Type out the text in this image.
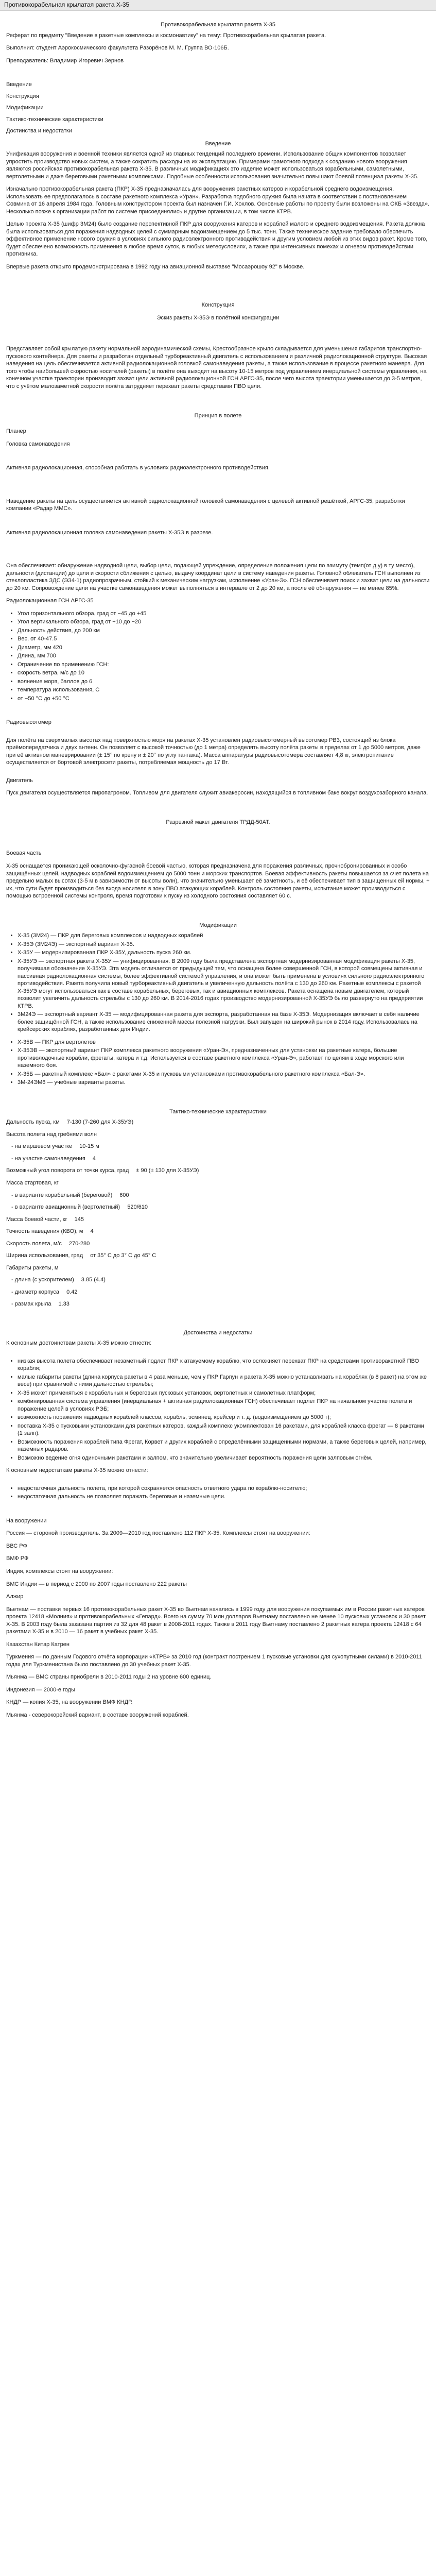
Противокорабельная крылатая ракета Х-35
Противокорабельная крылатая ракета Х-35

Реферат по предмету "Введение в ракетные комплексы и космонавтику" на тему: Противокорабельная крылатая ракета.

Выполнил: студент Аэрокосмического факультета Разорёнов М. М. Группа ВО-106Б.

Преподаватель: Владимир Игоревич Зернов

Введение
Конструкция
Модификации
Тактико-технические характеристики
Достинства и недостатки
Введение

Унификация вооружения и военной техники является одной из главных тенденций последнего времени. Использование общих компонентов позволяет упростить производство новых систем, а также сократить расходы на их эксплуатацию. Примерами грамотного подхода к созданию нового вооружения являются российская противокорабельная ракета Х-35. В различных модификациях это изделие может использоваться корабельными, самолетными, вертолетными и даже береговыми ракетными комплексами. Подобные особенности использования значительно повышают боевой потенциал ракеты Х-35.

Изначально противокорабельная ракета (ПКР) Х-35 предназначалась для вооружения ракетных катеров и корабельной среднего водоизмещения. Использовать ее предполагалось в составе ракетного комплекса «Уран». Разработка подобного оружия была начата в соответствии с постановлением Совмина от 16 апреля 1984 года. Головным конструктором проекта был назначен Г.И. Хохлов. Основные работы по проекту были возложены на ОКБ «Звезда». Несколько позже к организации работ по системе присоединялись и другие организации, в том числе КТРВ.

Целью проекта Х-35 (шифр 3М24) было создание перспективной ПКР для вооружения катеров и кораблей малого и среднего водоизмещения. Ракета должна была использоваться для поражения надводных целей с суммарным водоизмещением до 5 тыс. тонн. Также техническое задание требовало обеспечить эффективное применение нового оружия в условиях сильного радиоэлектронного противодействия и другим условием любой из этих видов ракет. Кроме того, будет обеспечено возможность применения в любое время суток, в любых метеоусловиях, а также при интенсивных помехах и огневом противодействии противника.

Впервые ракета открыто продемонстрирована в 1992 году на авиационной выставке "Мосаэрошоу 92" в Москве.

Конструкция
Эскиз ракеты Х-35Э в полётной конфигурации

Представляет собой крылатую ракету нормальной аэродинамической схемы, Крестообразное крыло складывается для уменьшения габаритов транспортно-пускового контейнера. Для ракеты и разработан отдельный турбореактивный двигатель с использованием и различной радиолокационной структуре. Высокая наведения на цель обеспечивается активной радиолокационной головкой самонаведения ракеты, а также использование в процессе ракетного маневра. Для того чтобы наибольшей скоростью носителей (ракеты) в полёте она выходит на высоту 10-15 метров под управлением инерциальной системы управления, на конечном участке траектории производит захват цели активной радиолокационной ГСН АРГС-35, после чего высота траектории уменьшается до 3-5 метров, что с учётом малозаметной скорости полёта затрудняет перехват ракеты средствами ПВО цели.

Принцип в полете

Планер

Головка самонаведения

Активная радиолокационная, способная работать в условиях радиоэлектронного противодействия.

Наведение ракеты на цель осуществляется активной радиолокационной головкой самонаведения с целевой активной решёткой, АРГС-35, разработки компании «Радар ММС».

Активная радиолокационная головка самонаведения ракеты Х-35Э в разрезе.

Она обеспечивает: обнаружение надводной цели, выбор цели, подающей упреждение, определение положения цели по азимуту (темп(от д у) в ту место), дальности (дистанции) до цели и скорости сближения с целью, выдачу координат цели в систему наведения ракеты. Головной облекатель ГСН выполнен из стеклопластика ЗДС (ЭЗ4-1) радиопрозрачным, стойкий к механическим нагрузкам, исполнение «Уран-Э». ГСН обеспечивает поиск и захват цели на дальности до 20 км. Сопровождение цели на участке самонаведения может выполняться в интервале от 2 до 20 км, а после её обнаружения — не менее 85%.

Радиолокационная ГСН АРГС-35

• Угол горизонтального обзора, град от −45 до +45
• Угол вертикального обзора, град от +10 до −20
• Дальность действия, до 200 км
• Вес, от 40-47.5
• Диаметр, мм 420
• Длина, мм 700
• Ограничение по применению ГСН:
• скорость ветра, м/с до 10
• волнение моря, баллов до 6
• температура использования, С
• от −50 °С до +50 °С

Радиовысотомер

Для полёта на сверхмалых высотах над поверхностью моря на ракетах Х-35 установлен радиовысотомерный высотомер РВ3, состоящий из блока приёмопередатчика и двух антенн. Он позволяет с высокой точностью (до 1 метра) определять высоту полёта ракеты в пределах от 1 до 5000 метров, даже при её активном маневрировании (± 15° по крену и ± 20° по углу тангажа). Масса аппаратуры радиовысотомера составляет 4,8 кг, электропитание осуществляется от бортовой электросети ракеты, потребляемая мощность до 17 Вт.

Двигатель

Пуск двигателя осуществляется пиропатроном. Топливом для двигателя служит авиакеросин, находящийся в топливном баке вокруг воздухозаборного канала.

Разрезной макет двигателя ТРДД-50АТ.

Боевая часть

Х-35 оснащается проникающей осколочно-фугасной боевой частью, которая предназначена для поражения различных, прочнобронированных и особо защищённых целей, надводных кораблей водоизмещением до 5000 тонн и морских транспортов. Боевая эффективность ракеты повышается за счет полета на предельно малых высотах (3-5 м в зависимости от высоты волн), что значительно уменьшает её заметность, и её обеспечивает тип в защищенных ей нормы, + их, что сути будет производиться без входа носителя в зону ПВО атакующих кораблей. Контроль состояния ракеты, испытание может производиться с помощью встроенной системы контроля, время подготовки к пуску из холодного состояния составляет 60 с.

Модификации
• Х-35 (3М24) — ПКР для береговых комплексов и надводных кораблей
• Х-35Э (3М24Э) — экспортный вариант Х-35.
• Х-35У — модернизированная ПКР Х-35У, дальность пуска 260 км.
• Х-35УЭ — экспортная ракета Х-35У — унифицированная. В 2009 году была представлена экспортная модернизированная модификация ракеты Х-35, получившая обозначение Х-35УЭ. Эта модель отличается от предыдущей тем, что оснащена более совершенной ГСН, в которой совмещены активная и пассивная радиолокационная системы, более эффективной системой управления, и она может быть применена в условиях сильного радиоэлектронного противодействия. Ракета получила новый турбореактивный двигатель и увеличенную дальность полёта с 130 до 260 км. Ракетные комплексы с ракетой Х-35УЭ могут использоваться как в составе корабельных, береговых, так и авиационных комплексов. Ракета оснащена новым двигателем, который позволит увеличить дальность стрельбы с 130 до 260 км. В 2014-2016 годах производство модернизированной Х-35УЭ было развернуто на предприятии КТРВ.
• 3М24Э — экспортный вариант Х-35 — модифицированная ракета для экспорта, разработанная на базе Х-35Э. Модернизация включает в себя наличие более защищённой ГСН, а также использование сниженной массы полезной нагрузки. Был запущен на широкий рынок в 2014 году. Использовалась на крейсерских кораблях, разработанных для Индии.
• Х-35В — ПКР для вертолетов
• Х-35ЭВ — экспортный вариант ПКР комплекса ракетного вооружения «Уран-Э», предназначенных для установки на ракетные катера, большие противолодочные корабли, фрегаты, катера и т.д. Используется в составе ракетного комплекса «Уран-Э», работает по целям в ходе морского или наземного боя.
• Х-35Б — ракетный комплекс «Бал» с ракетами Х-35 и пусковыми установками противокорабельного ракетного комплекса «Бал-Э».
• 3М-24ЭМ6 — учебные варианты ракеты.
Тактико-технические характеристики
Дальность пуска, км 7-130 (7-260 для Х-35УЭ)
Высота полета над гребнями волн
- на маршевом участке 10-15 м
- на участке самонаведения 4
Возможный угол поворота от точки курса, град ± 90 (± 130 для Х-35УЭ)
Масса стартовая, кг
- в варианте корабельный (береговой) 600
- в варианте авиационный (вертолетный) 520/610
Масса боевой части, кг 145
Точность наведения (КВО), м 4
Скорость полета, м/с 270-280
Ширина использования, град от 35° С до 3° С до 45° С
Габариты ракеты, м
- длина (с ускорителем) 3.85 (4.4)
- диаметр корпуса 0.42
- размах крыла 1.33
Достоинства и недостатки

К основным достоинствам ракеты Х-35 можно отнести:

• низкая высота полета обеспечивает незаметный подлет ПКР к атакуемому кораблю, что осложняет перехват ПКР на средствами противоракетной ПВО корабля;
• малые габариты ракеты (длина корпуса ракеты в 4 раза меньше, чем у ПКР Гарпун и ракета Х-35 можно устанавливать на кораблях (в 8 ракет) на этом же весе) при сравнимой с ними дальностью стрельбы;
• Х-35 может применяться с корабельных и береговых пусковых установок, вертолетных и самолетных платформ;
• комбинированная система управления (инерциальная + активная радиолокационная ГСН) обеспечивает подлет ПКР на начальном участке полета и поражение целей в условиях РЭБ;
• возможность поражения надводных кораблей классов, корабль, эсминец, крейсер и т. д. (водоизмещением до 5000 т);
• поставка Х-35 с пусковыми установками для ракетных катеров, каждый комплекс укомплектован 16 ракетами, для кораблей класса фрегат — 8 ракетами (1 залп).
• Возможность поражения кораблей типа Фрегат, Корвет и других кораблей с определёнными защищенными нормами, а также береговых целей, например, наземных радаров.
• Возможно ведение огня одиночными ракетами и залпом, что значительно увеличивает вероятность поражения цели залповым огнём.

К основным недостаткам ракеты Х-35 можно отнести:

• недостаточная дальность полета, при которой сохраняется опасность ответного удара по кораблю-носителю;
• недостаточная дальность не позволяет поражать береговые и наземные цели.

На вооружении

Россия — стороной производитель. За 2009—2010 год поставлено 112 ПКР Х-35. Комплексы стоят на вооружении:

ВВС РФ

ВМФ РФ

Индия, комплексы стоят на вооружении:

ВМС Индии — в период с 2000 по 2007 годы поставлено 222 ракеты

Алжир

Вьетнам — поставки первых 16 противокорабельных ракет Х-35 во Вьетнам начались в 1999 году для вооружения покупаемых им в России ракетных катеров проекта 12418 «Молния» и противокорабельных «Гепард». Всего на сумму 70 млн долларов Вьетнаму поставлено не менее 10 пусковых установок и 30 ракет Х-35. В 2003 году была заказана партия из 32 для 48 ракет в 2008-2011 годах. Также в 2011 году Вьетнаму поставлено 2 ракетных катера проекта 12418 с 64 ракетами Х-35 и в 2010 — 16 ракет в учебных ракет Х-35.

Казахстан Китар Катрен

Туркмения — по данным Годового отчёта корпорации «КТРВ» за 2010 год (контракт пострением 1 пусковые установки для сухопутными силами) в 2010-2011 годах для Туркменистана было поставлено до 30 учебных ракет Х-35.

Мьянма — ВМС страны приобрели в 2010-2011 годы 2 на уровне 600 единиц.

Индонезия — 2000-е годы

КНДР — копия Х-35, на вооружении ВМФ КНДР.

Мьянма - северокорейский вариант, в составе вооружений кораблей.
